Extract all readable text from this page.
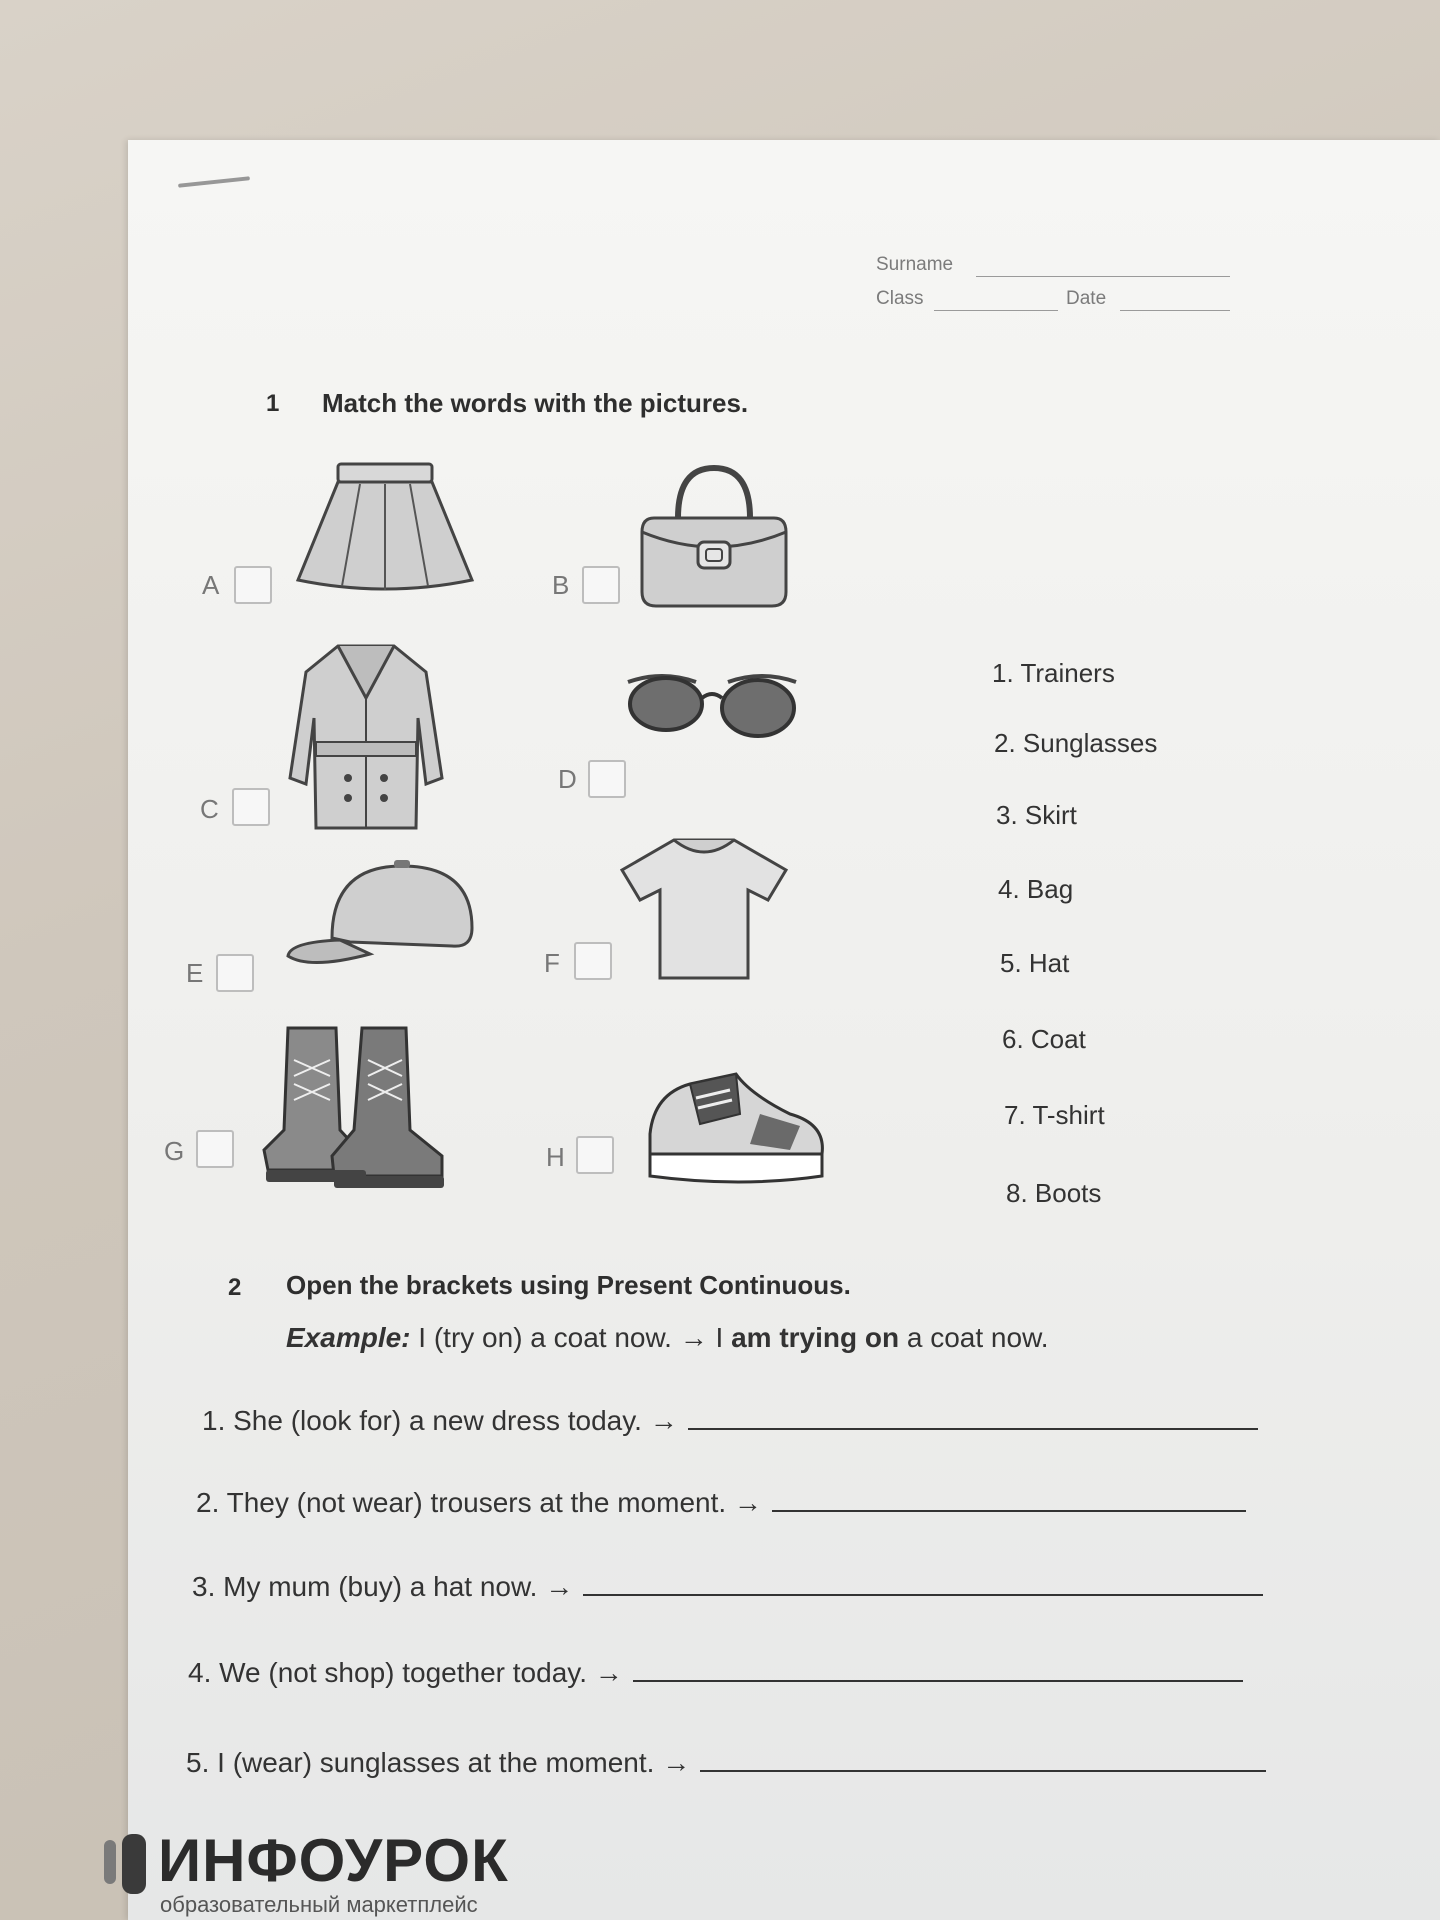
Surname
Class	Date
1 Match the words with the pictures.
A	B
C
D
E	F
G	H
1. Trainers
2. Sunglasses
3. Skirt
4. Bag
5. Hat
6. Coat
7. T-shirt
8. Boots
2 Open the brackets using Present Continuous.
Example: I (try on) a coat now. → I am trying on a coat now.
1. She (look for) a new dress today. →
2. They (not wear) trousers at the moment. →
3. My mum (buy) a hat now. →
4. We (not shop) together today. →
5. I (wear) sunglasses at the moment. →
ИНФОУРОК
образовательный маркетплейс
